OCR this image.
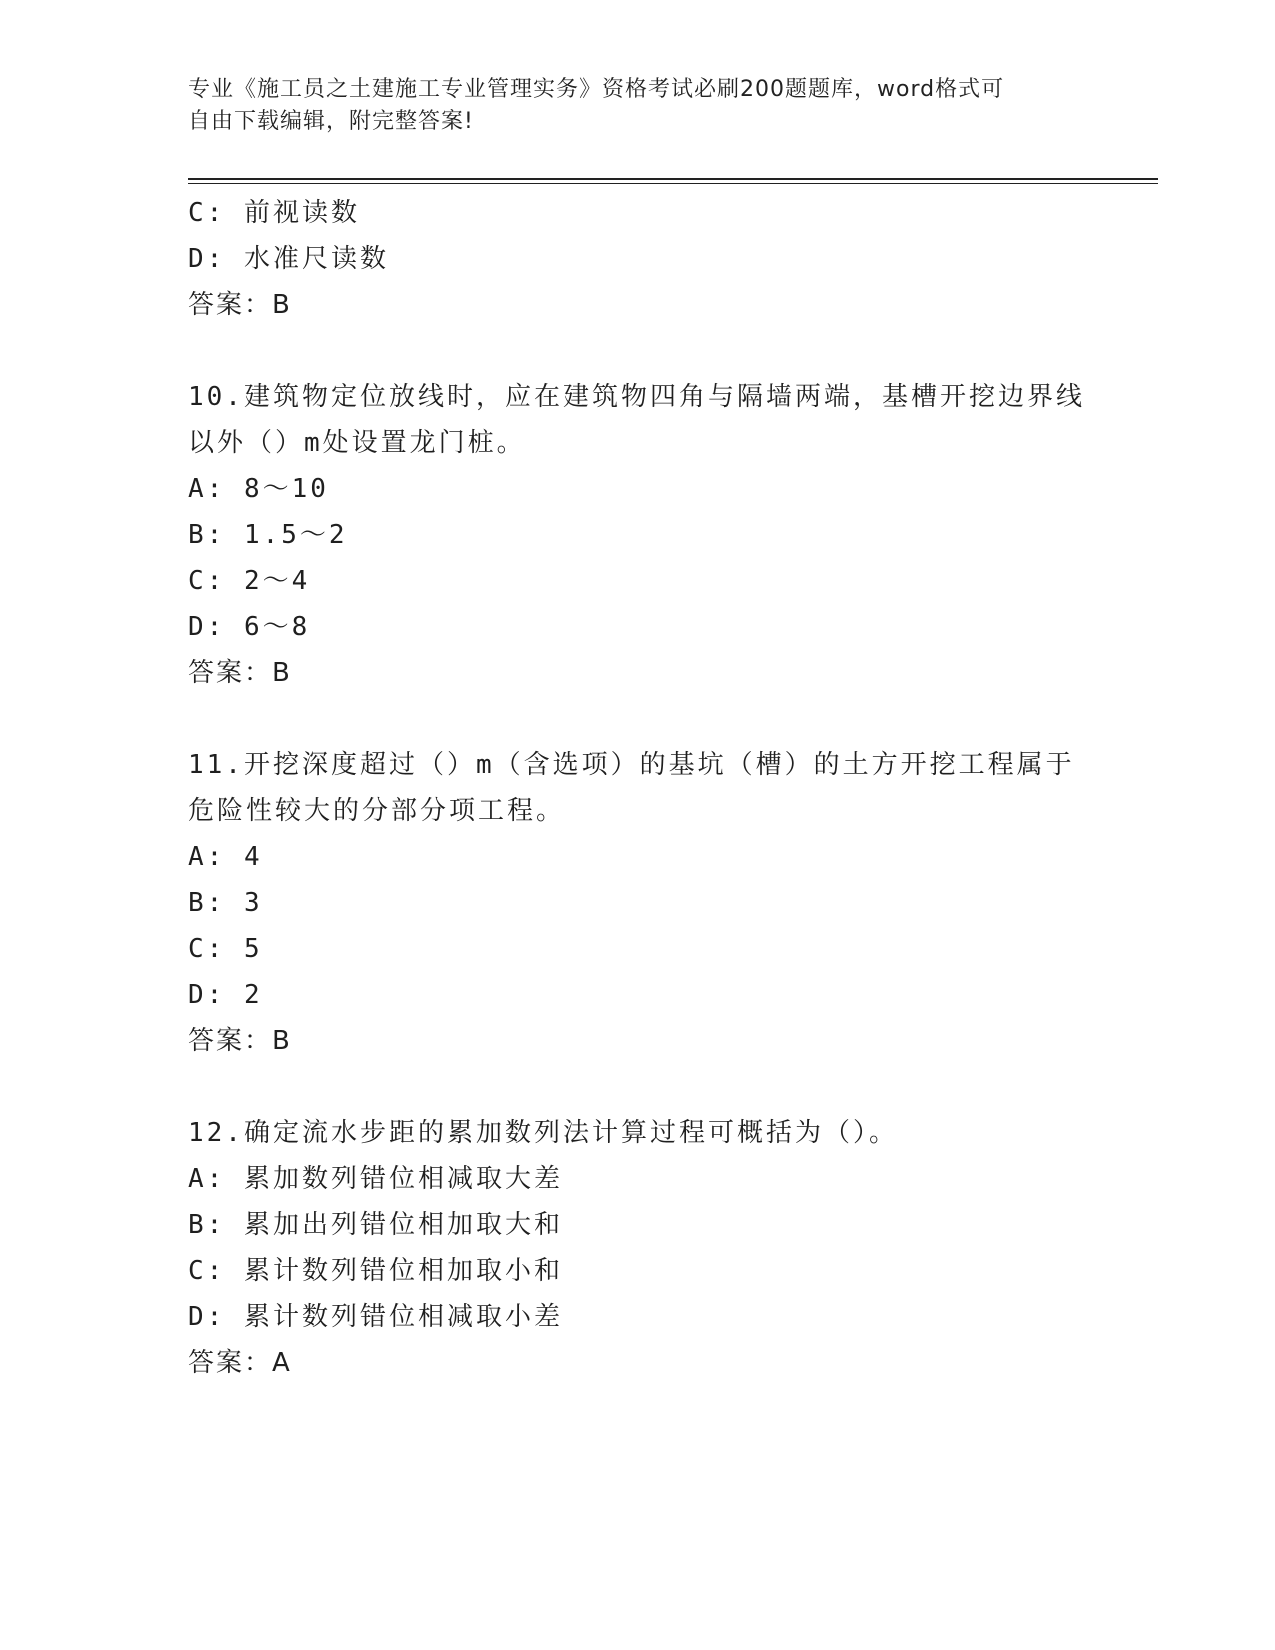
专业《施工员之土建施工专业管理实务》资格考试必刷200题题库，word格式可
自由下载编辑，附完整答案!
C: 前视读数
D: 水准尺读数
答案：B
10.建筑物定位放线时，应在建筑物四角与隔墙两端，基槽开挖边界线
以外（）m处设置龙门桩。
A: 8～10
B: 1.5～2
C: 2～4
D: 6～8
答案：B
11.开挖深度超过（）m（含选项）的基坑（槽）的土方开挖工程属于
危险性较大的分部分项工程。
A: 4
B: 3
C: 5
D: 2
答案：B
12.确定流水步距的累加数列法计算过程可概括为（）。
A: 累加数列错位相减取大差
B: 累加出列错位相加取大和
C: 累计数列错位相加取小和
D: 累计数列错位相减取小差
答案：A
